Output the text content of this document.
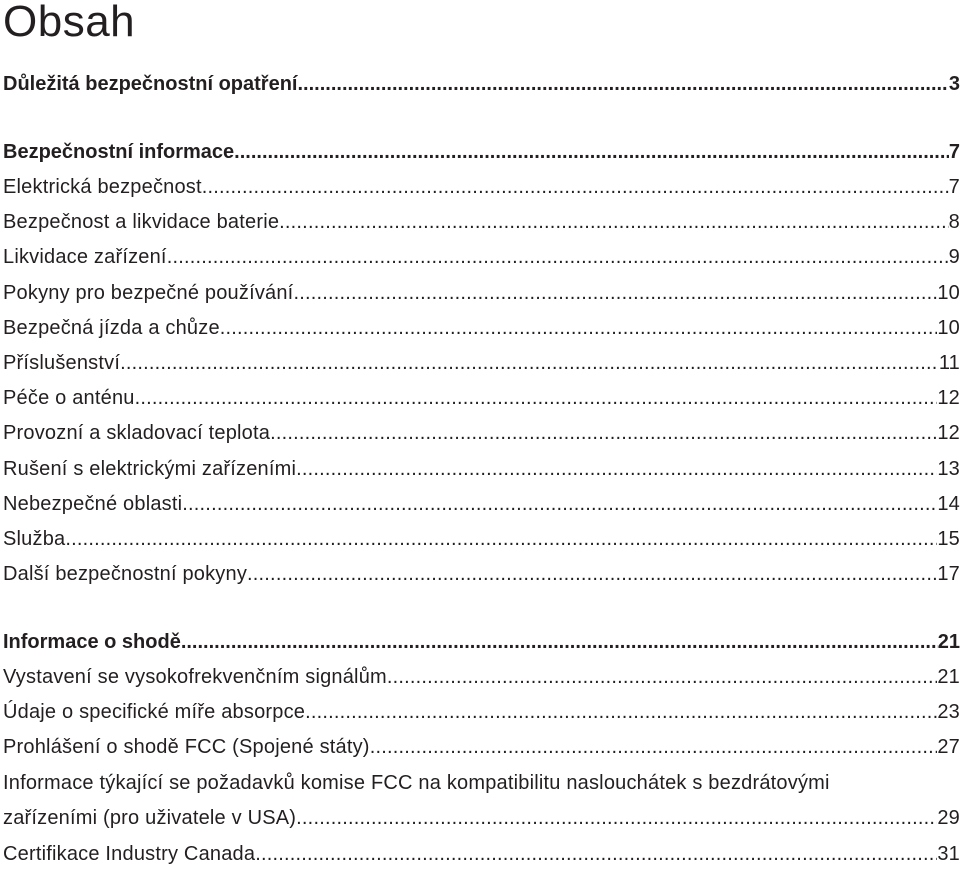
Obsah
Důležitá bezpečnostní opatření .....	3
Bezpečnostní informace .....	7
Elektrická bezpečnost .....	7
Bezpečnost a likvidace baterie .....	8
Likvidace zařízení .....	9
Pokyny pro bezpečné používání .....	10
Bezpečná jízda a chůze .....	10
Příslušenství .....	11
Péče o anténu .....	12
Provozní a skladovací teplota .....	12
Rušení s elektrickými zařízeními .....	13
Nebezpečné oblasti .....	14
Služba .....	15
Další bezpečnostní pokyny .....	17
Informace o shodě .....	21
Vystavení se vysokofrekvenčním signálům .....	21
Údaje o specifické míře absorpce .....	23
Prohlášení o shodě FCC (Spojené státy) .....	27
Informace týkající se požadavků komise FCC na kompatibilitu naslouchátek s bezdrátovými
zařízeními (pro uživatele v USA) .....	29
Certifikace Industry Canada .....	31
